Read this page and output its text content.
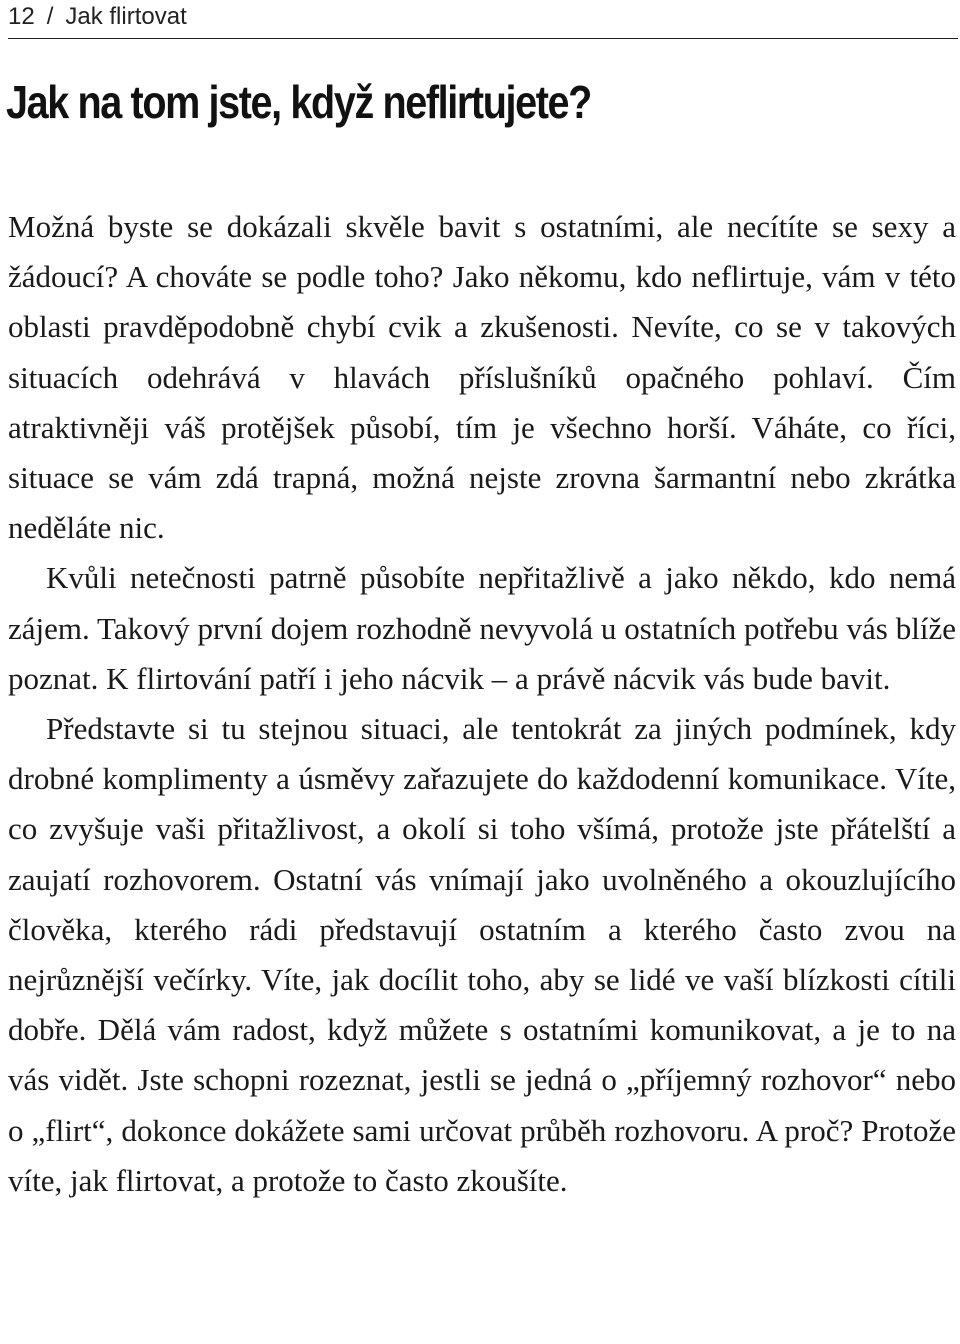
12 / Jak flirtovat
Jak na tom jste, když neflirtujete?

Možná byste se dokázali skvěle bavit s ostatními, ale necítíte se sexy a žádoucí? A chováte se podle toho? Jako někomu, kdo neflirtuje, vám v této oblasti pravděpodobně chybí cvik a zkušenosti. Nevíte, co se v takových situacích odehrává v hlavách příslušníků opačného pohlaví. Čím atraktivněji váš protějšek působí, tím je všechno horší. Váháte, co říci, situace se vám zdá trapná, možná nejste zrovna šarmantní nebo zkrátka neděláte nic.

Kvůli netečnosti patrně působíte nepřitažlivě a jako někdo, kdo nemá zájem. Takový první dojem rozhodně nevyvolá u ostatních potřebu vás blíže poznat. K flirtování patří i jeho nácvik – a právě nácvik vás bude bavit.

Představte si tu stejnou situaci, ale tentokrát za jiných podmínek, kdy drobné komplimenty a úsměvy zařazujete do každodenní komunikace. Víte, co zvyšuje vaši přitažlivost, a okolí si toho všímá, protože jste přátelští a zaujatí rozhovorem. Ostatní vás vnímají jako uvolněného a okouzlujícího člověka, kterého rádi představují ostatním a kterého často zvou na nejrůznější večírky. Víte, jak docílit toho, aby se lidé ve vaší blízkosti cítili dobře. Dělá vám radost, když můžete s ostatními komunikovat, a je to na vás vidět. Jste schopni rozeznat, jestli se jedná o „příjemný rozhovor“ nebo o „flirt“, dokonce dokážete sami určovat průběh rozhovoru. A proč? Protože víte, jak flirtovat, a protože to často zkoušíte.
